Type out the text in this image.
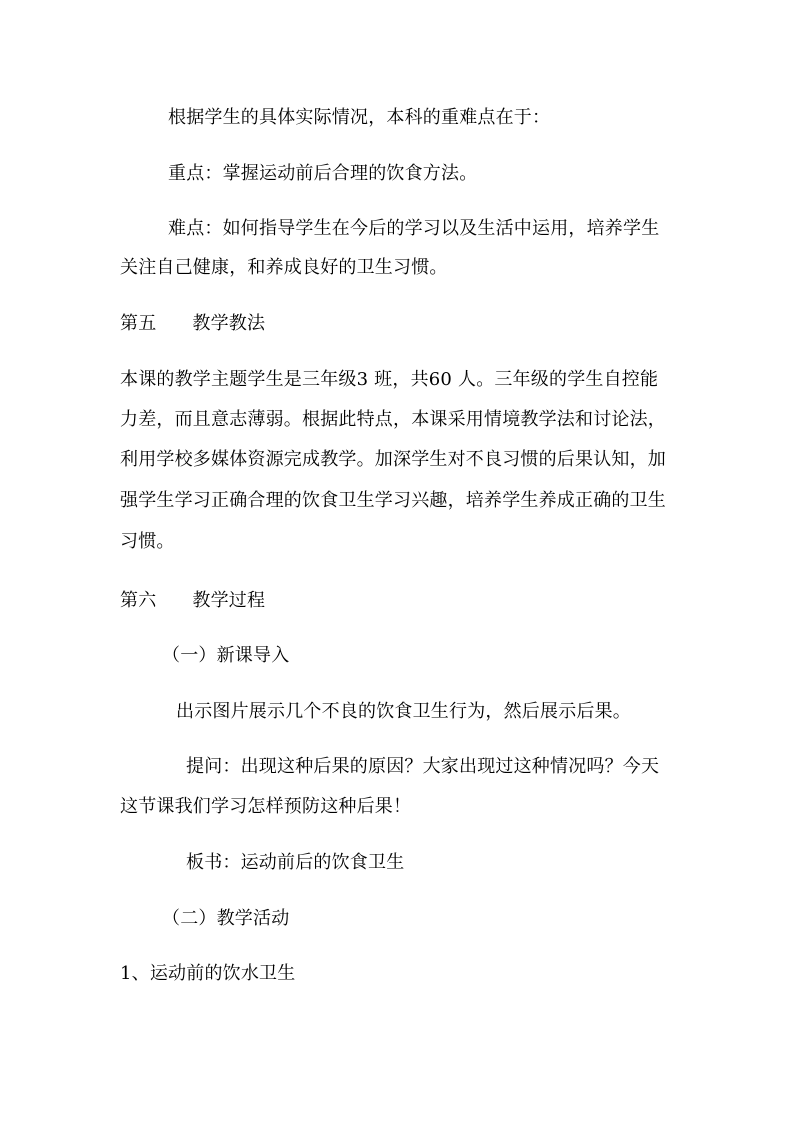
根据学生的具体实际情况，本科的重难点在于：
重点：掌握运动前后合理的饮食方法。
难点：如何指导学生在今后的学习以及生活中运用，培养学生
关注自己健康，和养成良好的卫生习惯。
第五 教学教法
本课的教学主题学生是三年级3 班，共60 人。三年级的学生自控能
力差，而且意志薄弱。根据此特点，本课采用情境教学法和讨论法，
利用学校多媒体资源完成教学。加深学生对不良习惯的后果认知，加
强学生学习正确合理的饮食卫生学习兴趣，培养学生养成正确的卫生
习惯。
第六 教学过程
（一）新课导入
出示图片展示几个不良的饮食卫生行为，然后展示后果。
提问：出现这种后果的原因？大家出现过这种情况吗？今天
这节课我们学习怎样预防这种后果！
板书：运动前后的饮食卫生
（二）教学活动
1、运动前的饮水卫生
